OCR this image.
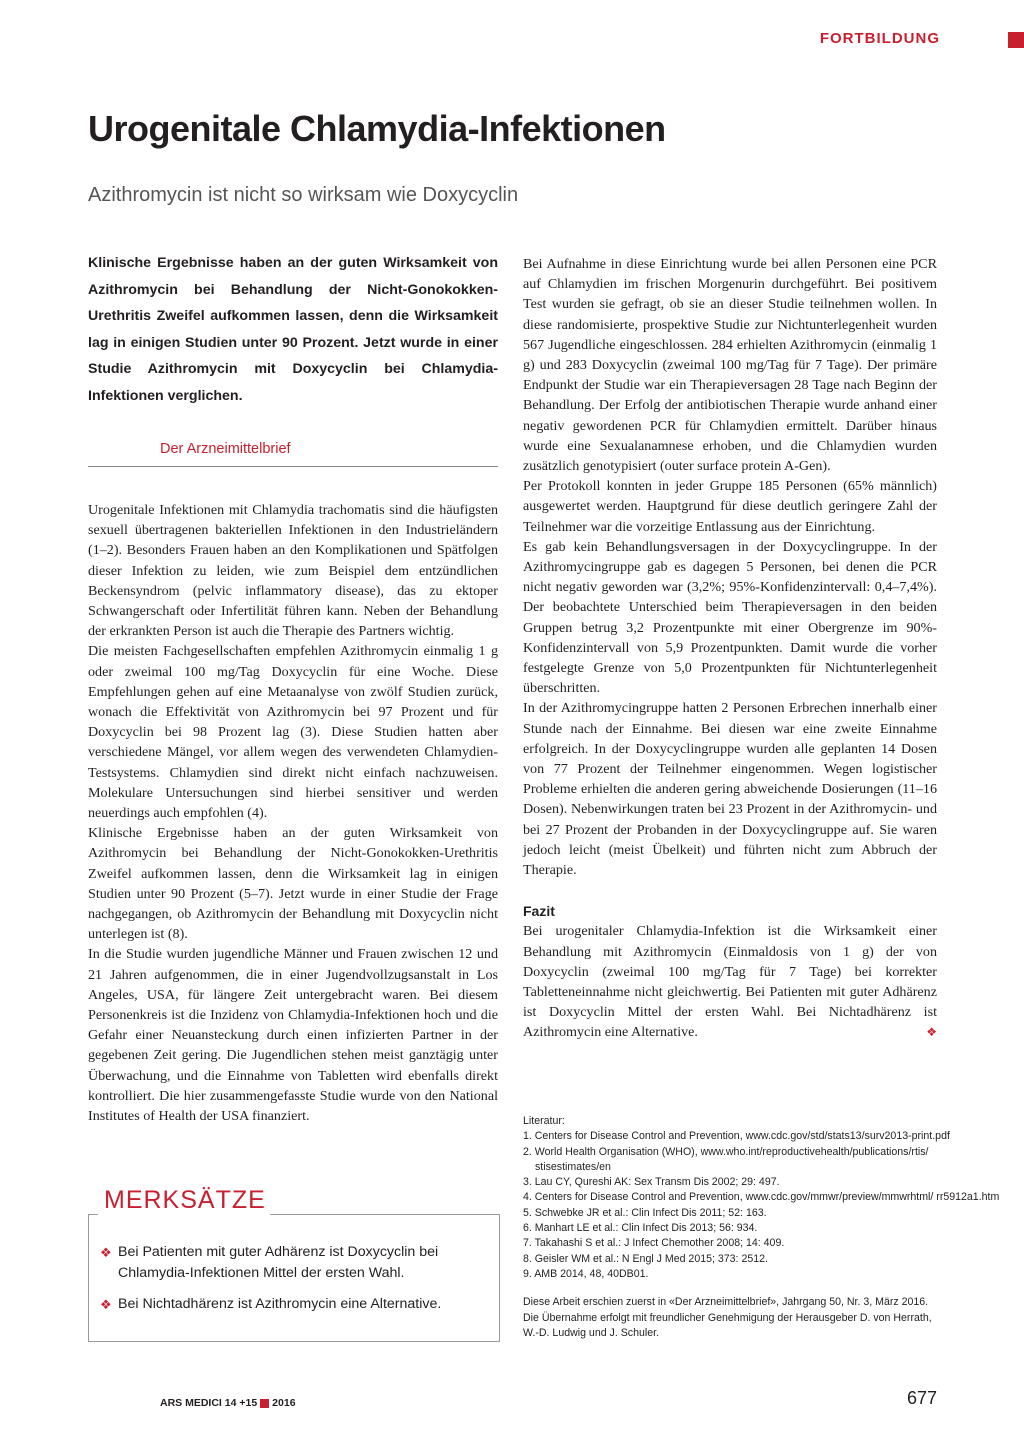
FORTBILDUNG
Urogenitale Chlamydia-Infektionen
Azithromycin ist nicht so wirksam wie Doxycyclin
Klinische Ergebnisse haben an der guten Wirksamkeit von Azithromycin bei Behandlung der Nicht-Gonokokken-Urethritis Zweifel aufkommen lassen, denn die Wirksamkeit lag in einigen Studien unter 90 Prozent. Jetzt wurde in einer Studie Azithromycin mit Doxycyclin bei Chlamydia-Infektionen verglichen.
Der Arzneimittelbrief

Urogenitale Infektionen mit Chlamydia trachomatis sind die häufigsten sexuell übertragenen bakteriellen Infektionen in den Industrieländern (1–2). Besonders Frauen haben an den Komplikationen und Spätfolgen dieser Infektion zu leiden, wie zum Beispiel dem entzündlichen Beckensyndrom (pelvic inflammatory disease), das zu ektoper Schwangerschaft oder Infertilität führen kann. Neben der Behandlung der erkrankten Person ist auch die Therapie des Partners wichtig.

Die meisten Fachgesellschaften empfehlen Azithromycin einmalig 1 g oder zweimal 100 mg/Tag Doxycyclin für eine Woche. Diese Empfehlungen gehen auf eine Metaanalyse von zwölf Studien zurück, wonach die Effektivität von Azithromycin bei 97 Prozent und für Doxycyclin bei 98 Prozent lag (3). Diese Studien hatten aber verschiedene Mängel, vor allem wegen des verwendeten Chlamydien-Testsystems. Chlamydien sind direkt nicht einfach nachzuweisen. Molekulare Untersuchungen sind hierbei sensitiver und werden neuerdings auch empfohlen (4).

Klinische Ergebnisse haben an der guten Wirksamkeit von Azithromycin bei Behandlung der Nicht-Gonokokken-Urethritis Zweifel aufkommen lassen, denn die Wirksamkeit lag in einigen Studien unter 90 Prozent (5–7). Jetzt wurde in einer Studie der Frage nachgegangen, ob Azithromycin der Behandlung mit Doxycyclin nicht unterlegen ist (8).

In die Studie wurden jugendliche Männer und Frauen zwischen 12 und 21 Jahren aufgenommen, die in einer Jugendvollzugsanstalt in Los Angeles, USA, für längere Zeit untergebracht waren. Bei diesem Personenkreis ist die Inzidenz von Chlamydia-Infektionen hoch und die Gefahr einer Neuansteckung durch einen infizierten Partner in der gegebenen Zeit gering. Die Jugendlichen stehen meist ganztägig unter Überwachung, und die Einnahme von Tabletten wird ebenfalls direkt kontrolliert. Die hier zusammengefasste Studie wurde von den National Institutes of Health der USA finanziert.

Bei Aufnahme in diese Einrichtung wurde bei allen Personen eine PCR auf Chlamydien im frischen Morgenurin durchgeführt. Bei positivem Test wurden sie gefragt, ob sie an dieser Studie teilnehmen wollen. In diese randomisierte, prospektive Studie zur Nichtunterlegenheit wurden 567 Jugendliche eingeschlossen. 284 erhielten Azithromycin (einmalig 1 g) und 283 Doxycyclin (zweimal 100 mg/Tag für 7 Tage). Der primäre Endpunkt der Studie war ein Therapieversagen 28 Tage nach Beginn der Behandlung. Der Erfolg der antibiotischen Therapie wurde anhand einer negativ gewordenen PCR für Chlamydien ermittelt. Darüber hinaus wurde eine Sexualanamnese erhoben, und die Chlamydien wurden zusätzlich genotypisiert (outer surface protein A-Gen).

Per Protokoll konnten in jeder Gruppe 185 Personen (65% männlich) ausgewertet werden. Hauptgrund für diese deutlich geringere Zahl der Teilnehmer war die vorzeitige Entlassung aus der Einrichtung.

Es gab kein Behandlungsversagen in der Doxycyclingruppe. In der Azithromycingruppe gab es dagegen 5 Personen, bei denen die PCR nicht negativ geworden war (3,2%; 95%-Konfidenzintervall: 0,4–7,4%). Der beobachtete Unterschied beim Therapieversagen in den beiden Gruppen betrug 3,2 Prozentpunkte mit einer Obergrenze im 90%-Konfidenzintervall von 5,9 Prozentpunkten. Damit wurde die vorher festgelegte Grenze von 5,0 Prozentpunkten für Nichtunterlegenheit überschritten.

In der Azithromycingruppe hatten 2 Personen Erbrechen innerhalb einer Stunde nach der Einnahme. Bei diesen war eine zweite Einnahme erfolgreich. In der Doxycyclingruppe wurden alle geplanten 14 Dosen von 77 Prozent der Teilnehmer eingenommen. Wegen logistischer Probleme erhielten die anderen gering abweichende Dosierungen (11–16 Dosen). Nebenwirkungen traten bei 23 Prozent in der Azithromycin- und bei 27 Prozent der Probanden in der Doxycyclingruppe auf. Sie waren jedoch leicht (meist Übelkeit) und führten nicht zum Abbruch der Therapie.

Fazit

Bei urogenitaler Chlamydia-Infektion ist die Wirksamkeit einer Behandlung mit Azithromycin (Einmaldosis von 1 g) der von Doxycyclin (zweimal 100 mg/Tag für 7 Tage) bei korrekter Tabletteneinnahme nicht gleichwertig. Bei Patienten mit guter Adhärenz ist Doxycyclin Mittel der ersten Wahl. Bei Nichtadhärenz ist Azithromycin eine Alternative.	❖

MERKSÄTZE
❖ Bei Patienten mit guter Adhärenz ist Doxycyclin bei Chlamydia-Infektionen Mittel der ersten Wahl.
❖ Bei Nichtadhärenz ist Azithromycin eine Alternative.
Literatur:
1. Centers for Disease Control and Prevention, www.cdc.gov/std/stats13/surv2013-print.pdf
2. World Health Organisation (WHO), www.who.int/reproductivehealth/publications/rtis/
stisestimates/en
3. Lau CY, Qureshi AK: Sex Transm Dis 2002; 29: 497.
4. Centers for Disease Control and Prevention, www.cdc.gov/mmwr/preview/mmwrhtml/ rr5912a1.htm
5. Schwebke JR et al.: Clin Infect Dis 2011; 52: 163.
6. Manhart LE et al.: Clin Infect Dis 2013; 56: 934.
7. Takahashi S et al.: J Infect Chemother 2008; 14: 409.
8. Geisler WM et al.: N Engl J Med 2015; 373: 2512.
9. AMB 2014, 48, 40DB01.
Diese Arbeit erschien zuerst in «Der Arzneimittelbrief», Jahrgang 50, Nr. 3, März 2016.
Die Übernahme erfolgt mit freundlicher Genehmigung der Herausgeber D. von Herrath, W.-D. Ludwig und J. Schuler.
ARS MEDICI 14 +15 2016	677
